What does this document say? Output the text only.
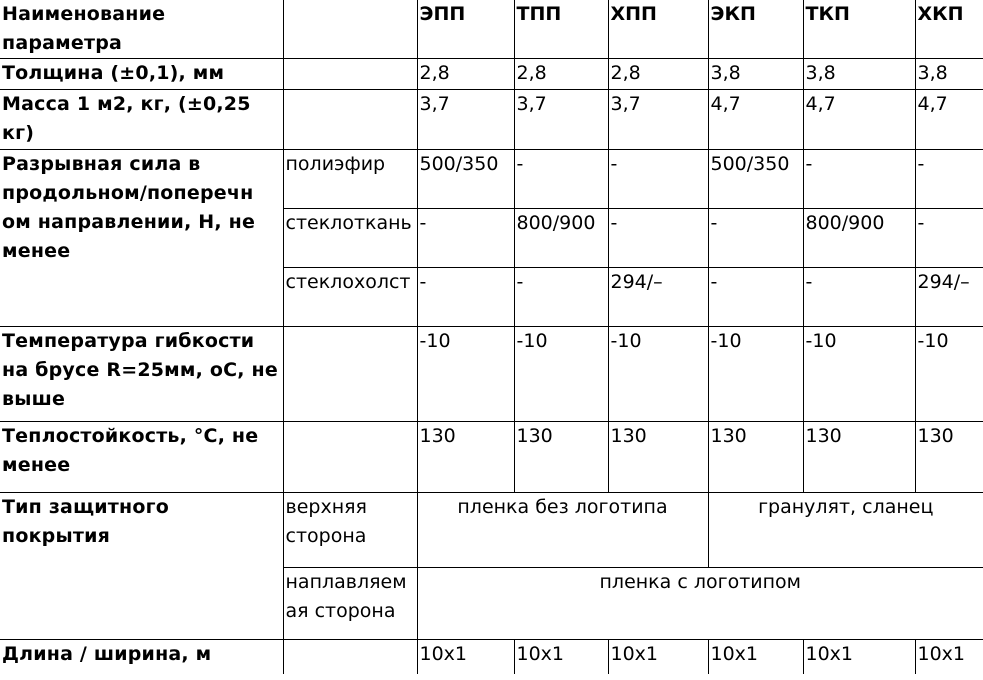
Наименование параметра		ЭПП	ТПП	ХПП	ЭКП	ТКП	ХКП
Толщина (±0,1), мм		2,8	2,8	2,8	3,8	3,8	3,8
Масса 1 м2, кг, (±0,25 кг)		3,7	3,7	3,7	4,7	4,7	4,7
Разрывная сила в продольном/поперечн ом направлении, Н, не менее	полиэфир	500/350	-	-	500/350	-	-
	стеклоткань	-	800/900	-	-	800/900	-
	стеклохолст	-	-	294/–	-	-	294/–
Температура гибкости на брусе R=25мм, оС, не выше		-10	-10	-10	-10	-10	-10
Теплостойкость, °С, не менее		130	130	130	130	130	130
Тип защитного покрытия	верхняя сторона	пленка без логотипа			гранулят, сланец		
	наплавляем ая сторона	пленка с логотипом					
Длина / ширина, м		10x1	10x1	10x1	10x1	10x1	10x1
